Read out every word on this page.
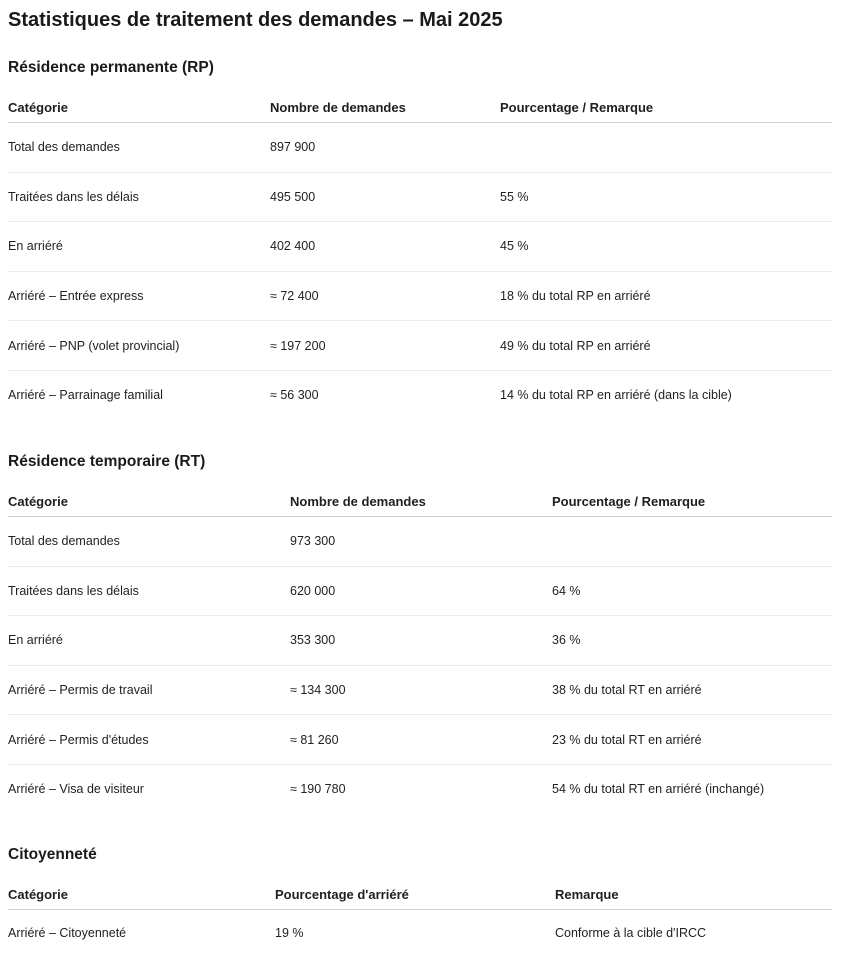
Statistiques de traitement des demandes – Mai 2025
Résidence permanente (RP)
Catégorie	Nombre de demandes	Pourcentage / Remarque
Total des demandes	897 900	
Traitées dans les délais	495 500	55 %
En arriéré	402 400	45 %
Arriéré – Entrée express	≈ 72 400	18 % du total RP en arriéré
Arriéré – PNP (volet provincial)	≈ 197 200	49 % du total RP en arriéré
Arriéré – Parrainage familial	≈ 56 300	14 % du total RP en arriéré (dans la cible)
Résidence temporaire (RT)
Catégorie	Nombre de demandes	Pourcentage / Remarque
Total des demandes	973 300	
Traitées dans les délais	620 000	64 %
En arriéré	353 300	36 %
Arriéré – Permis de travail	≈ 134 300	38 % du total RT en arriéré
Arriéré – Permis d'études	≈ 81 260	23 % du total RT en arriéré
Arriéré – Visa de visiteur	≈ 190 780	54 % du total RT en arriéré (inchangé)
Citoyenneté
Catégorie	Pourcentage d'arriéré	Remarque
Arriéré – Citoyenneté	19 %	Conforme à la cible d'IRCC
